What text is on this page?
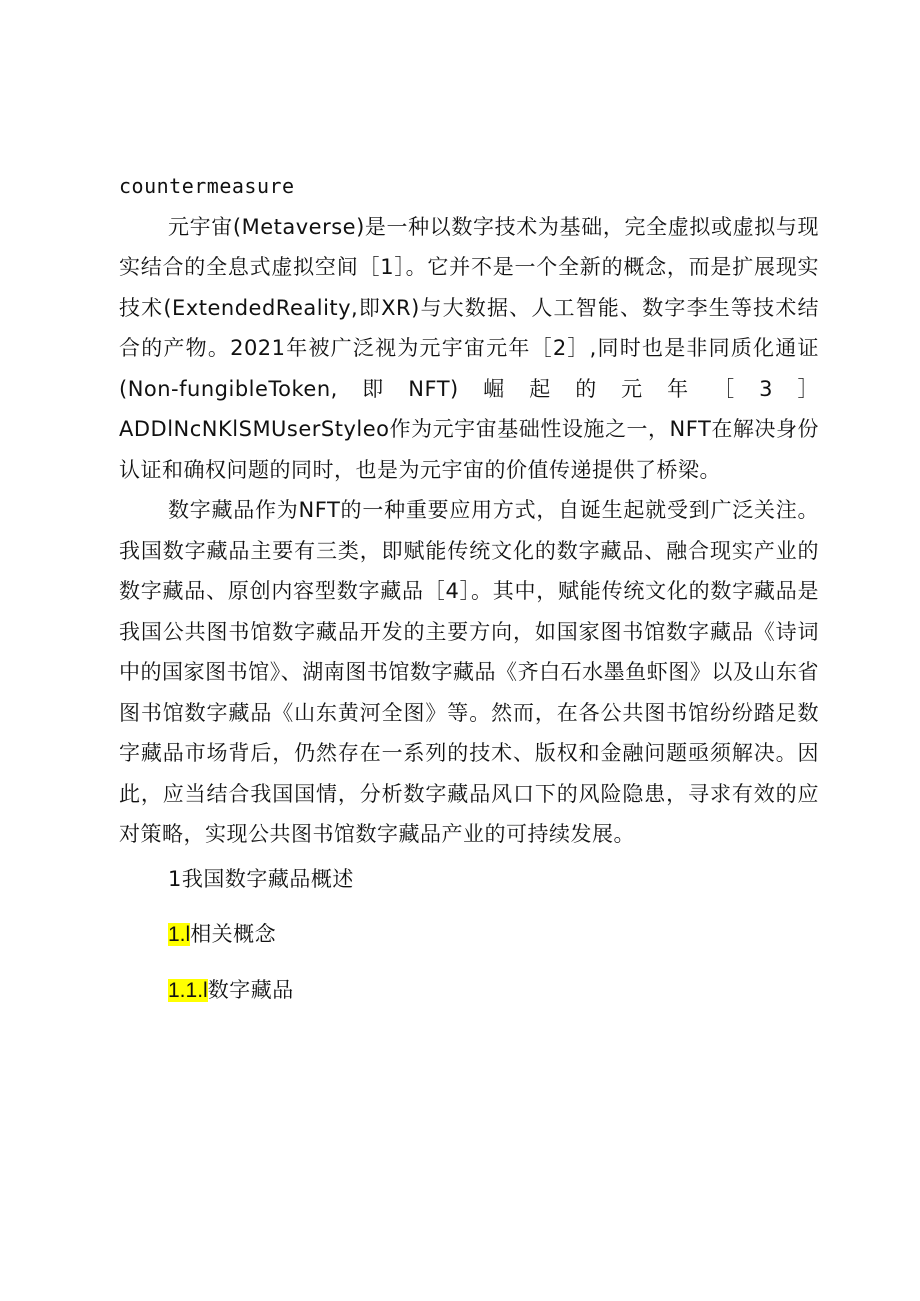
countermeasure

元宇宙(Metaverse)是一种以数字技术为基础，完全虚拟或虚拟与现实结合的全息式虚拟空间［1］。它并不是一个全新的概念，而是扩展现实技术(ExtendedReality,即XR)与大数据、人工智能、数字李生等技术结合的产物。2021年被广泛视为元宇宙元年［2］,同时也是非同质化通证(Non-fungibleToken,即NFT)崛起的元年［3］ADDlNcNKlSMUserStyleo作为元宇宙基础性设施之一，NFT在解决身份认证和确权问题的同时，也是为元宇宙的价值传递提供了桥梁。

数字藏品作为NFT的一种重要应用方式，自诞生起就受到广泛关注。我国数字藏品主要有三类，即赋能传统文化的数字藏品、融合现实产业的数字藏品、原创内容型数字藏品［4］。其中，赋能传统文化的数字藏品是我国公共图书馆数字藏品开发的主要方向，如国家图书馆数字藏品《诗词中的国家图书馆》、湖南图书馆数字藏品《齐白石水墨鱼虾图》以及山东省图书馆数字藏品《山东黄河全图》等。然而，在各公共图书馆纷纷踏足数字藏品市场背后，仍然存在一系列的技术、版权和金融问题亟须解决。因此，应当结合我国国情，分析数字藏品风口下的风险隐患，寻求有效的应对策略，实现公共图书馆数字藏品产业的可持续发展。

1我国数字藏品概述

1.l相关概念

1.1.l数字藏品
